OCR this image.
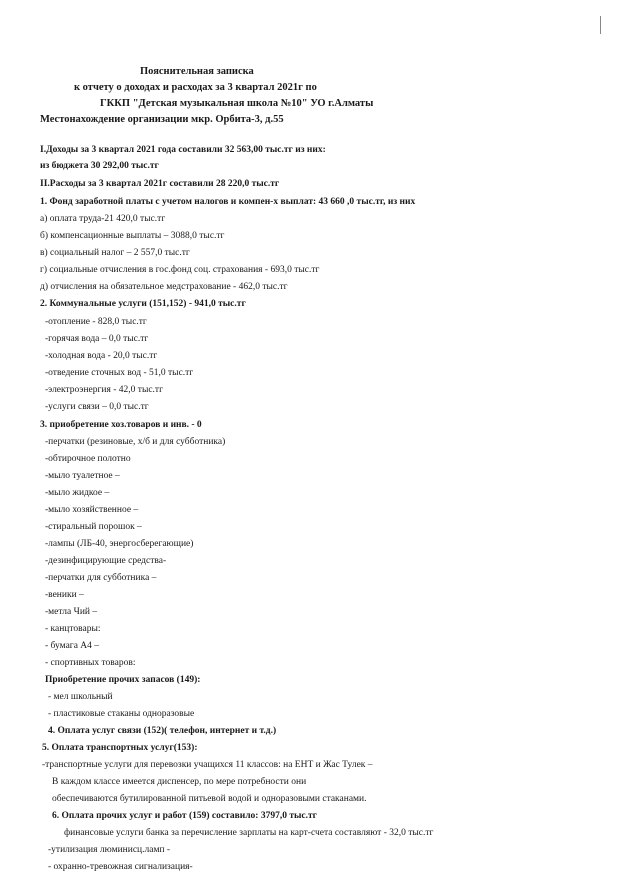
Пояснительная записка
к отчету о доходах и расходах за 3 квартал 2021г по
ГККП "Детская музыкальная школа №10" УО г.Алматы
Местонахождение организации мкр. Орбита-3, д.55
I.Доходы за 3 квартал 2021 года составили 32 563,00 тыс.тг из них:
из бюджета 30 292,00 тыс.тг
II.Расходы за 3 квартал 2021г составили 28 220,0 тыс.тг
1. Фонд заработной платы с учетом налогов и компен-х выплат: 43 660 ,0 тыс.тг, из них
а) оплата труда-21 420,0 тыс.тг
б) компенсационные выплаты – 3088,0 тыс.тг
в) социальный налог – 2 557,0 тыс.тг
г) социальные отчисления в гос.фонд соц. страхования - 693,0 тыс.тг
д) отчисления на обязательное медстрахование - 462,0 тыс.тг
2. Коммунальные услуги (151,152) - 941,0 тыс.тг
-отопление - 828,0 тыс.тг
-горячая вода – 0,0 тыс.тг
-холодная вода - 20,0 тыс.тг
-отведение сточных вод - 51,0 тыс.тг
-электроэнергия - 42,0 тыс.тг
-услуги связи – 0,0 тыс.тг
3. приобретение хоз.товаров и инв. - 0
-перчатки (резиновые, х/б и для субботника)
-обтирочное полотно
-мыло туалетное –
-мыло жидкое –
-мыло хозяйственное –
-стиральный порошок –
-лампы (ЛБ-40, энергосберегающие)
-дезинфицирующие средства-
-перчатки для субботника –
-веники –
-метла Чий –
- канцтовары:
- бумага А4 –
- спортивных товаров:
Приобретение прочих запасов (149):
- мел школьный
- пластиковые стаканы одноразовые
4. Оплата услуг связи (152)( телефон, интернет и т.д.)
5. Оплата транспортных услуг(153):
-транспортные услуги для перевозки учащихся 11 классов: на ЕНТ и Жас Тулек –
В каждом классе имеется диспенсер, по мере потребности они
обеспечиваются бутилированной питьевой водой и одноразовыми стаканами.
6. Оплата прочих услуг и работ (159) составило: 3797,0 тыс.тг
финансовые услуги банка за перечисление зарплаты на карт-счета составляют - 32,0 тыс.тг
-утилизация люминисц.ламп -
- охранно-тревожная сигнализация-
